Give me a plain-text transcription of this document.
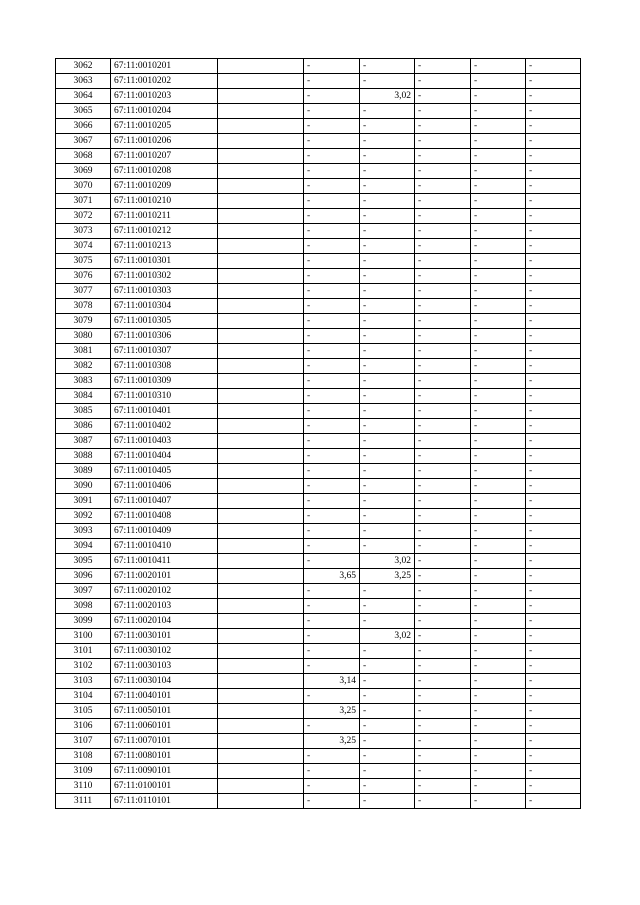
3062	67:11:0010201		-	-	-	-	-
3063	67:11:0010202		-	-	-	-	-
3064	67:11:0010203		-	3,02	-	-	-
3065	67:11:0010204		-	-	-	-	-
3066	67:11:0010205		-	-	-	-	-
3067	67:11:0010206		-	-	-	-	-
3068	67:11:0010207		-	-	-	-	-
3069	67:11:0010208		-	-	-	-	-
3070	67:11:0010209		-	-	-	-	-
3071	67:11:0010210		-	-	-	-	-
3072	67:11:0010211		-	-	-	-	-
3073	67:11:0010212		-	-	-	-	-
3074	67:11:0010213		-	-	-	-	-
3075	67:11:0010301		-	-	-	-	-
3076	67:11:0010302		-	-	-	-	-
3077	67:11:0010303		-	-	-	-	-
3078	67:11:0010304		-	-	-	-	-
3079	67:11:0010305		-	-	-	-	-
3080	67:11:0010306		-	-	-	-	-
3081	67:11:0010307		-	-	-	-	-
3082	67:11:0010308		-	-	-	-	-
3083	67:11:0010309		-	-	-	-	-
3084	67:11:0010310		-	-	-	-	-
3085	67:11:0010401		-	-	-	-	-
3086	67:11:0010402		-	-	-	-	-
3087	67:11:0010403		-	-	-	-	-
3088	67:11:0010404		-	-	-	-	-
3089	67:11:0010405		-	-	-	-	-
3090	67:11:0010406		-	-	-	-	-
3091	67:11:0010407		-	-	-	-	-
3092	67:11:0010408		-	-	-	-	-
3093	67:11:0010409		-	-	-	-	-
3094	67:11:0010410		-	-	-	-	-
3095	67:11:0010411		-	3,02	-	-	-
3096	67:11:0020101		3,65	3,25	-	-	-
3097	67:11:0020102		-	-	-	-	-
3098	67:11:0020103		-	-	-	-	-
3099	67:11:0020104		-	-	-	-	-
3100	67:11:0030101		-	3,02	-	-	-
3101	67:11:0030102		-	-	-	-	-
3102	67:11:0030103		-	-	-	-	-
3103	67:11:0030104		3,14	-	-	-	-
3104	67:11:0040101		-	-	-	-	-
3105	67:11:0050101		3,25	-	-	-	-
3106	67:11:0060101		-	-	-	-	-
3107	67:11:0070101		3,25	-	-	-	-
3108	67:11:0080101		-	-	-	-	-
3109	67:11:0090101		-	-	-	-	-
3110	67:11:0100101		-	-	-	-	-
3111	67:11:0110101		-	-	-	-	-
